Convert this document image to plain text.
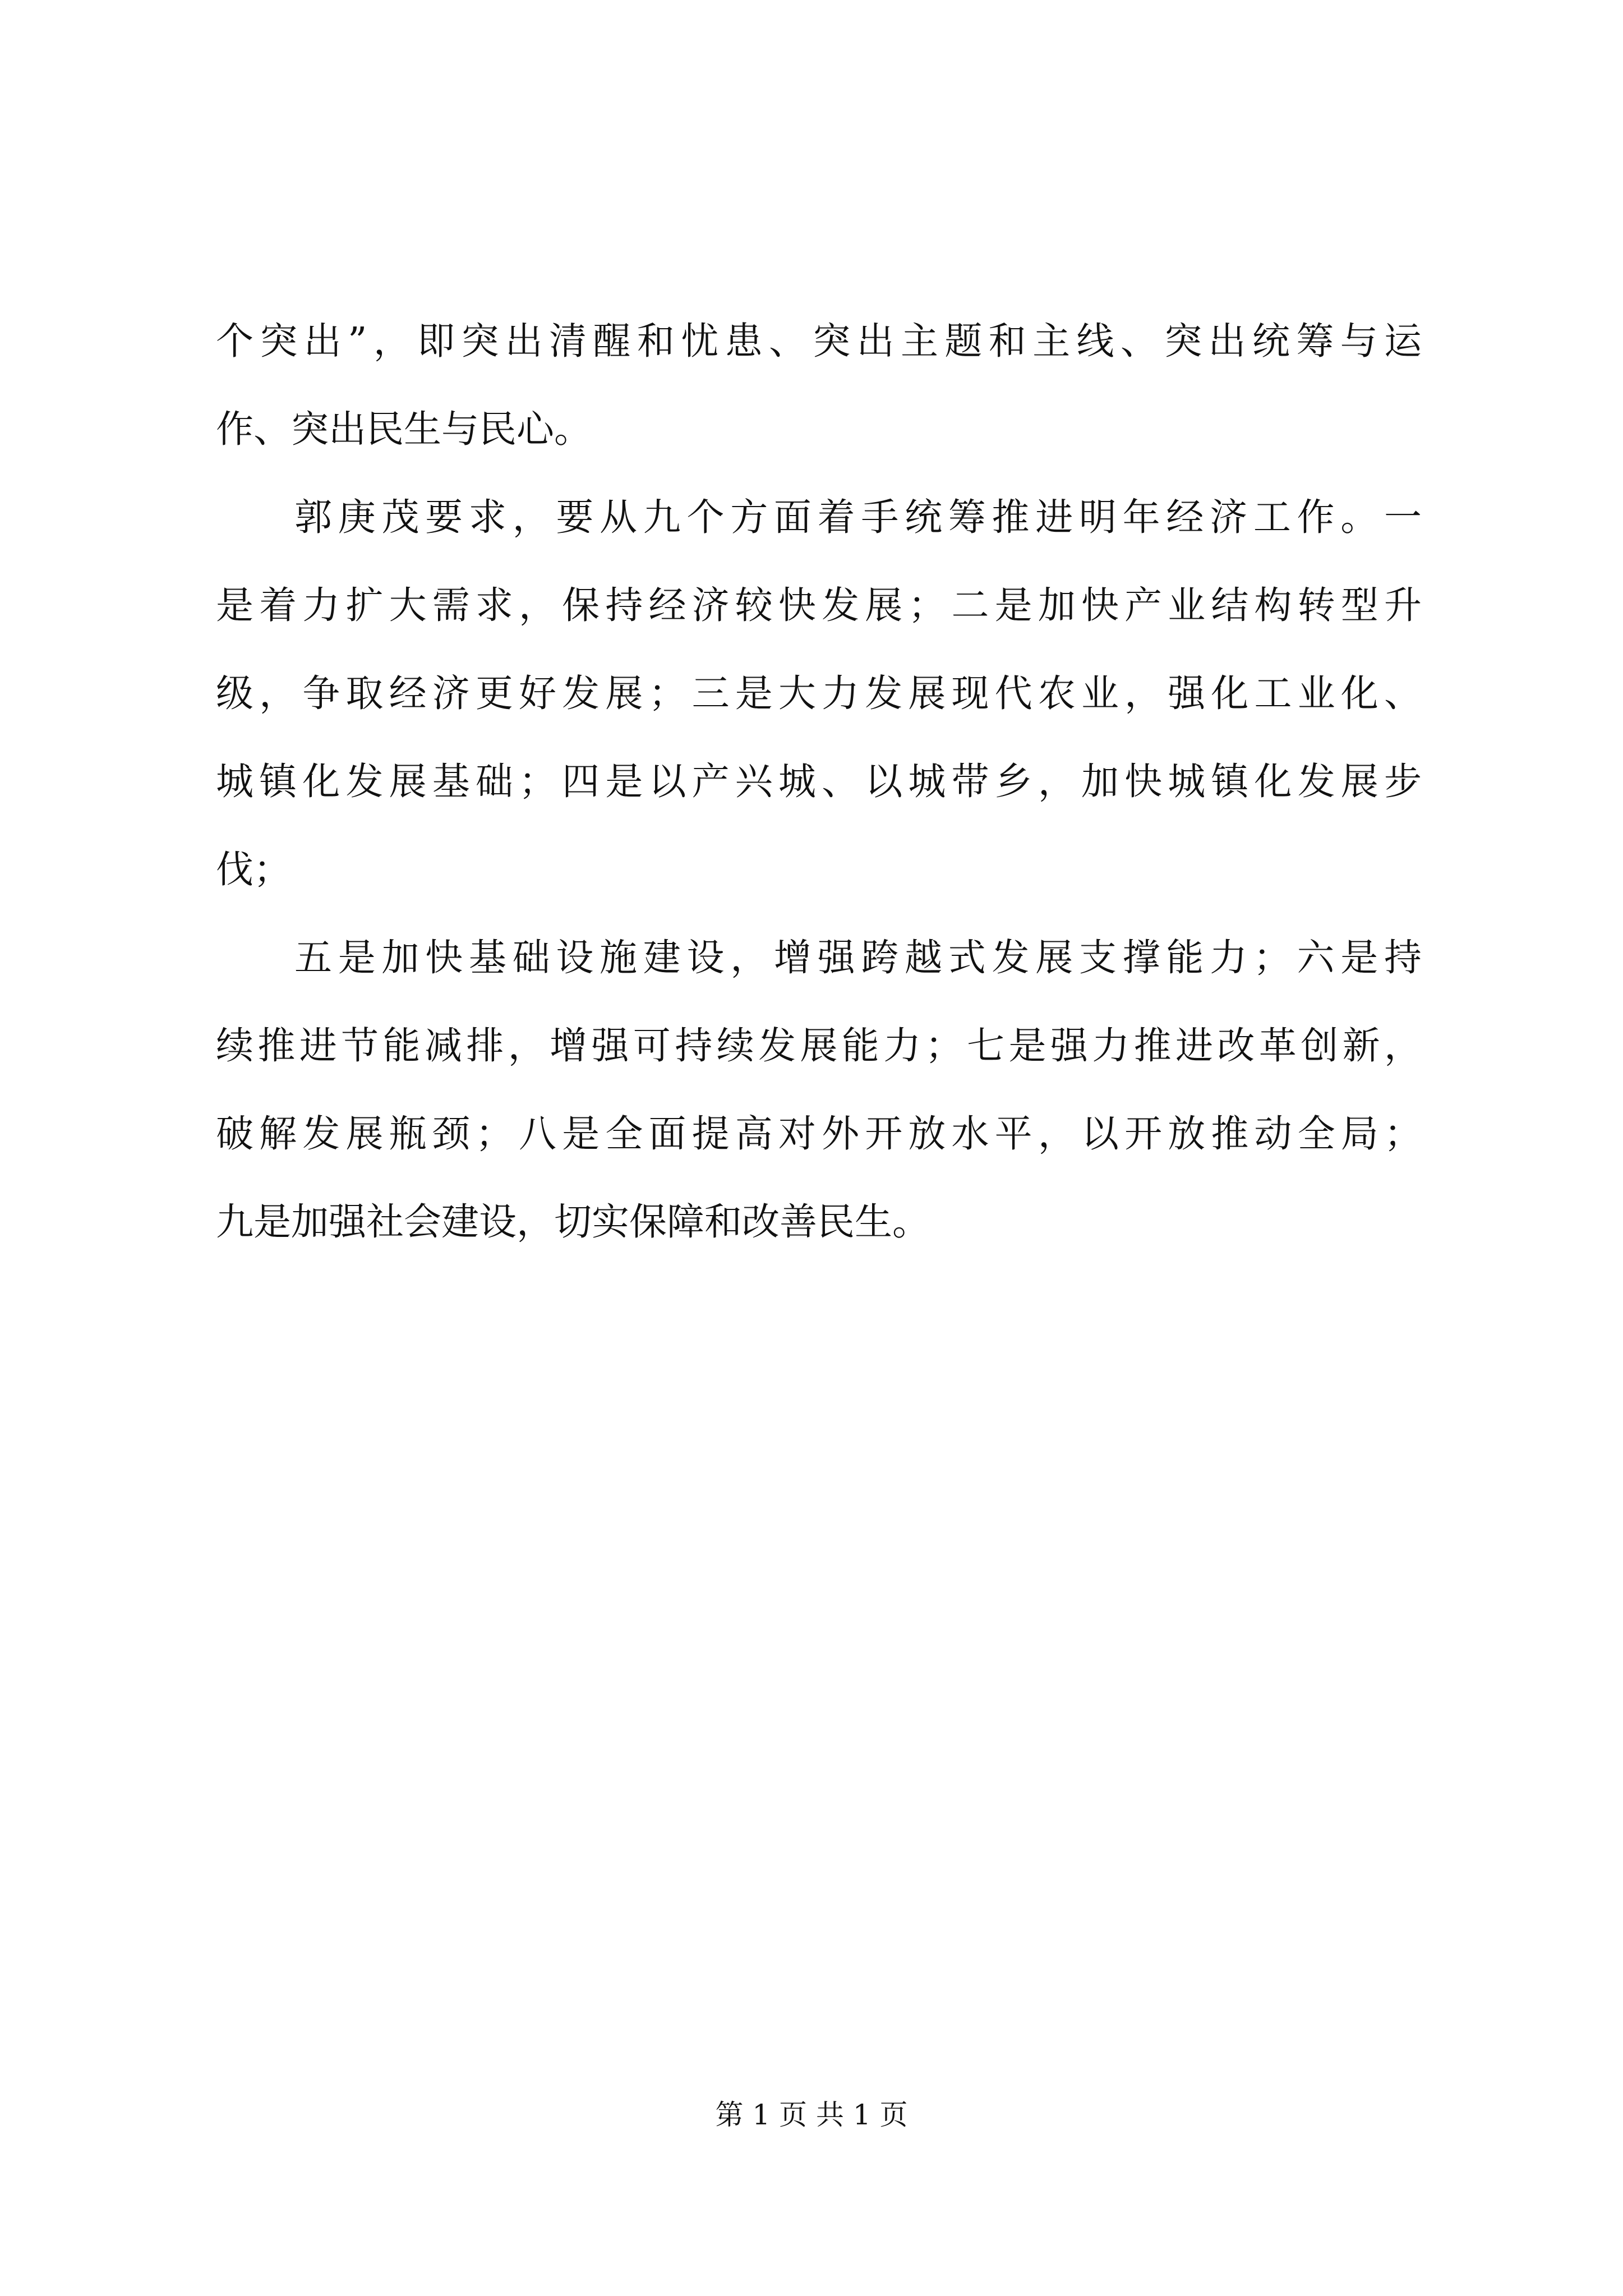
个突出”，即突出清醒和忧患、突出主题和主线、突出统筹与运
作、突出民生与民心。
郭庚茂要求，要从九个方面着手统筹推进明年经济工作。一
是着力扩大需求，保持经济较快发展；二是加快产业结构转型升
级，争取经济更好发展；三是大力发展现代农业，强化工业化、
城镇化发展基础；四是以产兴城、以城带乡，加快城镇化发展步
伐；
五是加快基础设施建设，增强跨越式发展支撑能力；六是持
续推进节能减排，增强可持续发展能力；七是强力推进改革创新，
破解发展瓶颈；八是全面提高对外开放水平，以开放推动全局；
九是加强社会建设，切实保障和改善民生。
第 1 页 共 1 页
